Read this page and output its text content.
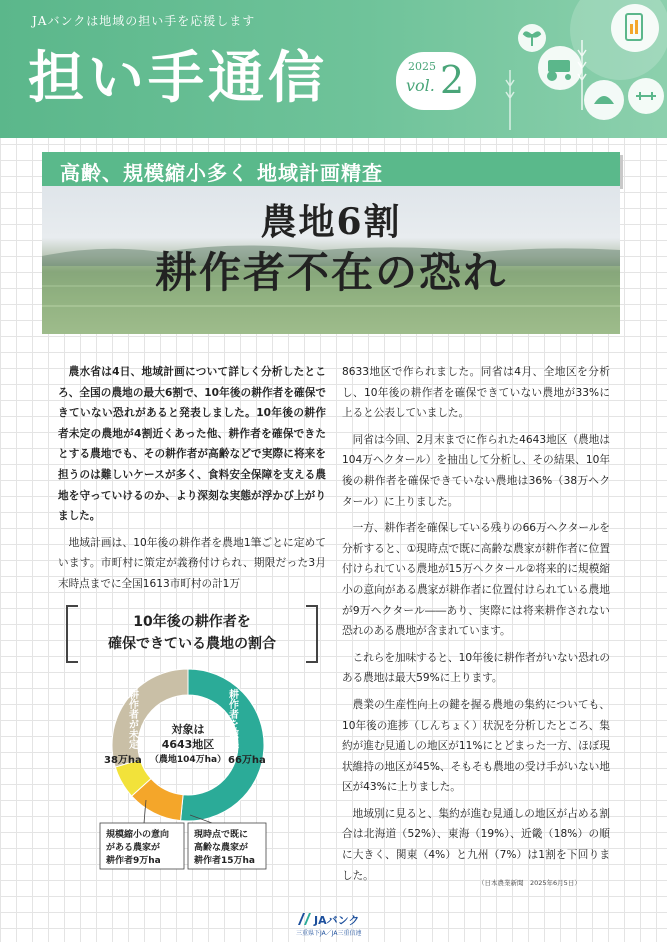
JAバンクは地域の担い手を応援します
担い手通信	2025
vol. 2
高齢、規模縮小多く 地域計画精査
農地6割
耕作者不在の恐れ

農水省は4日、地域計画について詳しく分析したところ、全国の農地の最大6割で、10年後の耕作者を確保できていない恐れがあると発表しました。10年後の耕作者未定の農地が4割近くあった他、耕作者を確保できたとする農地でも、その耕作者が高齢などで実際に将来を担うのは難しいケースが多く、食料安全保障を支える農地を守っていけるのか、より深刻な実態が浮かび上がりました。

地域計画は、10年後の耕作者を農地1筆ごとに定めています。市町村に策定が義務付けられ、期限だった3月末時点までに全国1613市町村の計1万

8633地区で作られました。同省は4月、全地区を分析し、10年後の耕作者を確保できていない農地が33%に上ると公表していました。

同省は今回、2月末までに作られた4643地区（農地は104万ヘクタール）を抽出して分析し、その結果、10年後の耕作者を確保できていない農地は36%（38万ヘクタール）に上りました。

一方、耕作者を確保している残りの66万ヘクタールを分析すると、①現時点で既に高齢な農家が耕作者に位置付けられている農地が15万ヘクタール②将来的に規模縮小の意向がある農家が耕作者に位置付けられている農地が9万ヘクタール――あり、実際には将来耕作されない恐れのある農地が含まれています。

これらを加味すると、10年後に耕作者がいない恐れのある農地は最大59%に上ります。

農業の生産性向上の鍵を握る農地の集約についても、10年後の進捗（しんちょく）状況を分析したところ、集約が進む見通しの地区が11%にとどまった一方、ほぼ現状維持の地区が45%、そもそも農地の受け手がいない地区が43%に上りました。

地域別に見ると、集約が進む見通しの地区が占める割合は北海道（52%）、東海（19%）、近畿（18%）の順に大きく、関東（4%）と九州（7%）は1割を下回りました。

10年後の耕作者を
確保できている農地の割合
対象は
4643地区
（農地104万ha） 66万ha
38万ha
耕作者を確保
耕作者が未定
規模縮小の意向
がある農家が
耕作者9万ha
現時点で既に
高齢な農家が
耕作者15万ha
（日本農業新聞　2025年6月5日）
JAバンク
三重県下JA／JA三重信連
